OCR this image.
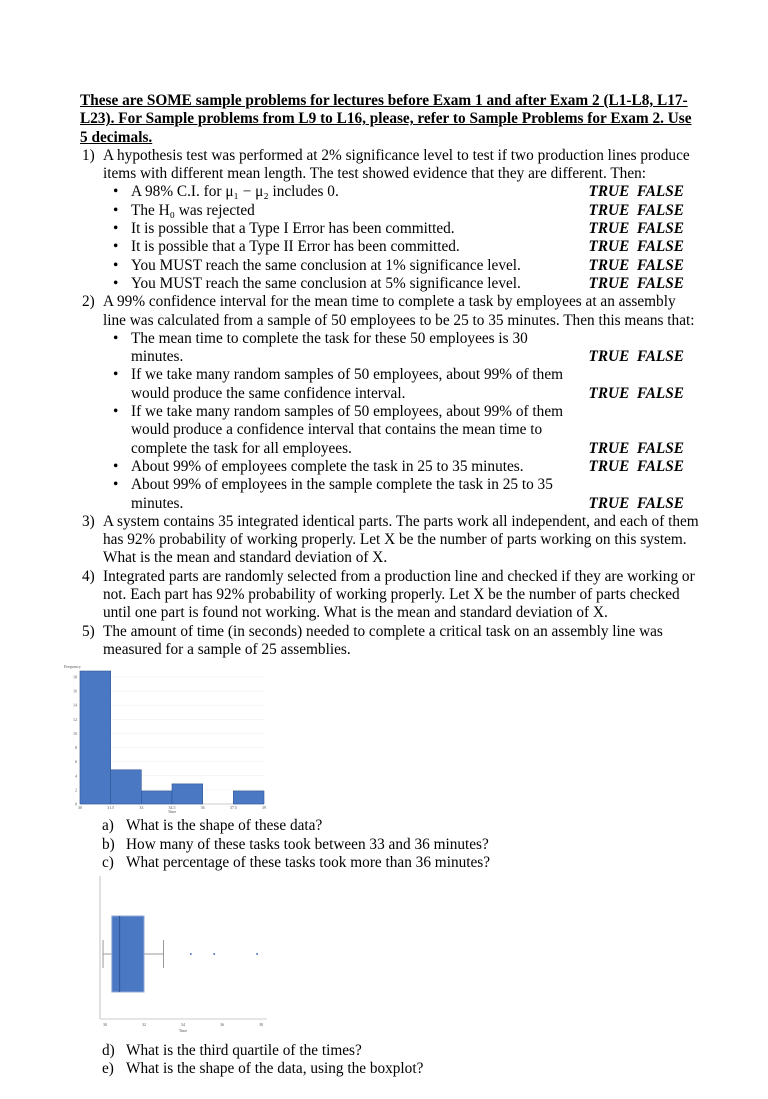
These are SOME sample problems for lectures before Exam 1 and after Exam 2 (L1-L8, L17-L23). For Sample problems from L9 to L16, please, refer to Sample Problems for Exam 2. Use 5 decimals.
1) A hypothesis test was performed at 2% significance level to test if two production lines produce items with different mean length. The test showed evidence that they are different. Then:
• A 98% C.I. for μ₁ − μ₂ includes 0.	TRUE  FALSE
• The H₀ was rejected	TRUE  FALSE
• It is possible that a Type I Error has been committed.	TRUE  FALSE
• It is possible that a Type II Error has been committed.	TRUE  FALSE
• You MUST reach the same conclusion at 1% significance level.	TRUE  FALSE
• You MUST reach the same conclusion at 5% significance level.	TRUE  FALSE
2) A 99% confidence interval for the mean time to complete a task by employees at an assembly line was calculated from a sample of 50 employees to be 25 to 35 minutes. Then this means that:
• The mean time to complete the task for these 50 employees is 30 minutes.	TRUE  FALSE
• If we take many random samples of 50 employees, about 99% of them would produce the same confidence interval.	TRUE  FALSE
• If we take many random samples of 50 employees, about 99% of them would produce a confidence interval that contains the mean time to complete the task for all employees.	TRUE  FALSE
• About 99% of employees complete the task in 25 to 35 minutes.	TRUE  FALSE
• About 99% of employees in the sample complete the task in 25 to 35 minutes.	TRUE  FALSE
3) A system contains 35 integrated identical parts. The parts work all independent, and each of them has 92% probability of working properly. Let X be the number of parts working on this system. What is the mean and standard deviation of X.
4) Integrated parts are randomly selected from a production line and checked if they are working or not. Each part has 92% probability of working properly. Let X be the number of parts checked until one part is found not working. What is the mean and standard deviation of X.
5) The amount of time (in seconds) needed to complete a critical task on an assembly line was measured for a sample of 25 assemblies.
Frequency
0
2
4
6
8
10
12
14
16
18
30	31.5	33	34.5	36	37.5	39
Time
a) What is the shape of these data?
b) How many of these tasks took between 33 and 36 minutes?
c) What percentage of these tasks took more than 36 minutes?
30	32	34	36	38
Time
d) What is the third quartile of the times?
e) What is the shape of the data, using the boxplot?
